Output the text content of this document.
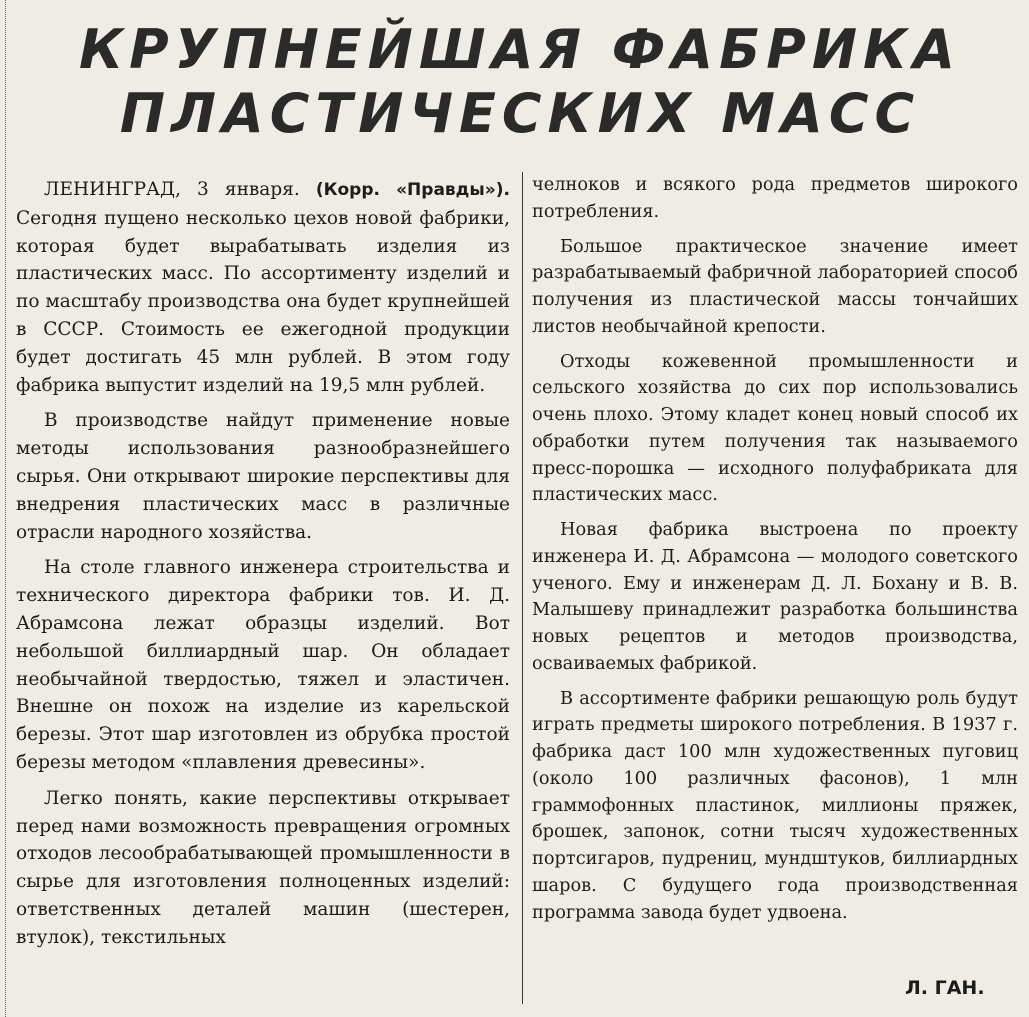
КРУПНЕЙШАЯ ФАБРИКА
ПЛАСТИЧЕСКИХ МАСС

ЛЕНИНГРАД, 3 января. (Корр. «Правды»). Сегодня пущено несколько цехов новой фабрики, которая будет вырабатывать изделия из пластических масс. По ассортименту изделий и по масштабу производства она будет крупнейшей в СССР. Стоимость ее ежегодной продукции будет достигать 45 млн рублей. В этом году фабрика выпустит изделий на 19,5 млн рублей.

В производстве найдут применение новые методы использования разнообразнейшего сырья. Они открывают широкие перспективы для внедрения пластических масс в различные отрасли народного хозяйства.

На столе главного инженера строительства и технического директора фабрики тов. И. Д. Абрамсона лежат образцы изделий. Вот небольшой биллиардный шар. Он обладает необычайной твердостью, тяжел и эластичен. Внешне он похож на изделие из карельской березы. Этот шар изготовлен из обрубка простой березы методом «плавления древесины».

Легко понять, какие перспективы открывает перед нами возможность превращения огромных отходов лесообрабатывающей промышленности в сырье для изготовления полноценных изделий: ответственных деталей машин (шестерен, втулок), текстильных

челноков и всякого рода предметов широкого потребления.

Большое практическое значение имеет разрабатываемый фабричной лабораторией способ получения из пластической массы тончайших листов необычайной крепости.

Отходы кожевенной промышленности и сельского хозяйства до сих пор использовались очень плохо. Этому кладет конец новый способ их обработки путем получения так называемого пресс-порошка — исходного полуфабриката для пластических масс.

Новая фабрика выстроена по проекту инженера И. Д. Абрамсона — молодого советского ученого. Ему и инженерам Д. Л. Бохану и В. В. Малышеву принадлежит разработка большинства новых рецептов и методов производства, осваиваемых фабрикой.

В ассортименте фабрики решающую роль будут играть предметы широкого потребления. В 1937 г. фабрика даст 100 млн художественных пуговиц (около 100 различных фасонов), 1 млн граммофонных пластинок, миллионы пряжек, брошек, запонок, сотни тысяч художественных портсигаров, пудрениц, мундштуков, биллиардных шаров. С будущего года производственная программа завода будет удвоена.

Л. ГАН.
